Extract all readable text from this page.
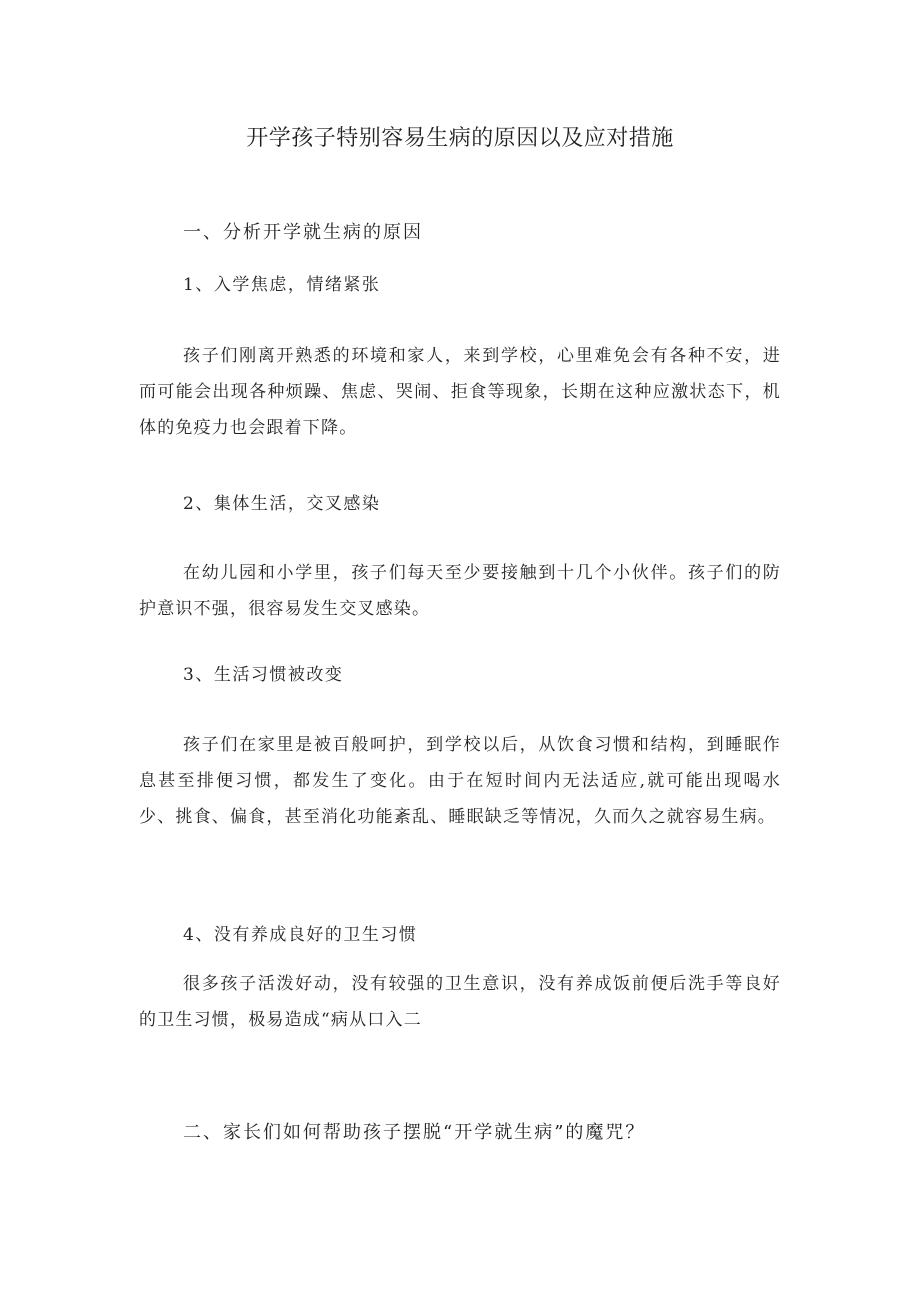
开学孩子特别容易生病的原因以及应对措施
一、分析开学就生病的原因
1、入学焦虑，情绪紧张

孩子们刚离开熟悉的环境和家人，来到学校，心里难免会有各种不安，进而可能会出现各种烦躁、焦虑、哭闹、拒食等现象，长期在这种应激状态下，机体的免疫力也会跟着下降。

2、集体生活，交叉感染

在幼儿园和小学里，孩子们每天至少要接触到十几个小伙伴。孩子们的防护意识不强，很容易发生交叉感染。

3、生活习惯被改变

孩子们在家里是被百般呵护，到学校以后，从饮食习惯和结构，到睡眠作息甚至排便习惯，都发生了变化。由于在短时间内无法适应,就可能出现喝水少、挑食、偏食，甚至消化功能紊乱、睡眠缺乏等情况，久而久之就容易生病。

4、没有养成良好的卫生习惯

很多孩子活泼好动，没有较强的卫生意识，没有养成饭前便后洗手等良好的卫生习惯，极易造成“病从口入二

二、家长们如何帮助孩子摆脱“开学就生病”的魔咒？
